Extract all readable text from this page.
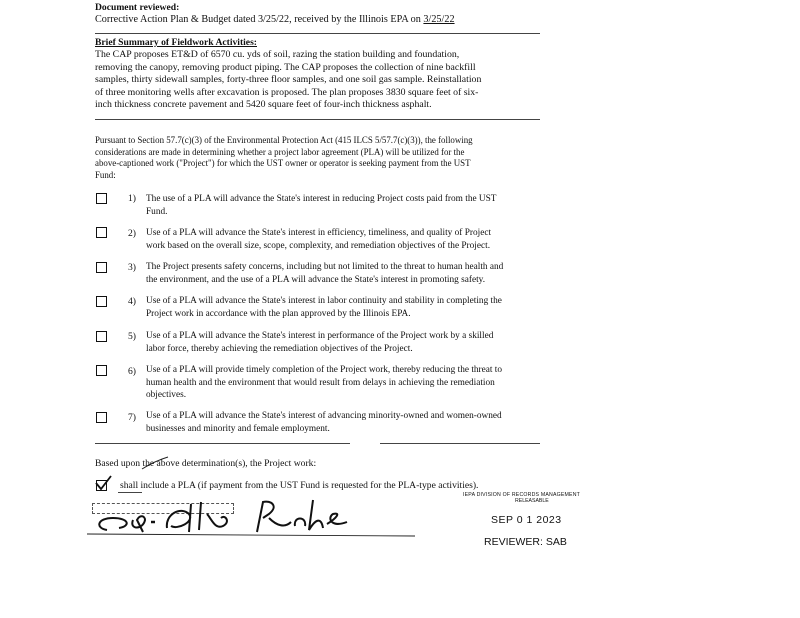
Document reviewed:
Corrective Action Plan & Budget dated 3/25/22, received by the Illinois EPA on 3/25/22
Brief Summary of Fieldwork Activities:
The CAP proposes ET&D of 6570 cu. yds of soil, razing the station building and foundation,
removing the canopy, removing product piping. The CAP proposes the collection of nine backfill
samples, thirty sidewall samples, forty-three floor samples, and one soil gas sample. Reinstallation
of three monitoring wells after excavation is proposed. The plan proposes 3830 square feet of six-
inch thickness concrete pavement and 5420 square feet of four-inch thickness asphalt.
Pursuant to Section 57.7(c)(3) of the Environmental Protection Act (415 ILCS 5/57.7(c)(3)), the following
considerations are made in determining whether a project labor agreement (PLA) will be utilized for the
above-captioned work ("Project") for which the UST owner or operator is seeking payment from the UST
Fund:
1) The use of a PLA will advance the State's interest in reducing Project costs paid from the UST
Fund.
2) Use of a PLA will advance the State's interest in efficiency, timeliness, and quality of Project
work based on the overall size, scope, complexity, and remediation objectives of the Project.
3) The Project presents safety concerns, including but not limited to the threat to human health and
the environment, and the use of a PLA will advance the State's interest in promoting safety.
4) Use of a PLA will advance the State's interest in labor continuity and stability in completing the
Project work in accordance with the plan approved by the Illinois EPA.
5) Use of a PLA will advance the State's interest in performance of the Project work by a skilled
labor force, thereby achieving the remediation objectives of the Project.
6) Use of a PLA will provide timely completion of the Project work, thereby reducing the threat to
human health and the environment that would result from delays in achieving the remediation
objectives.
7) Use of a PLA will advance the State's interest of advancing minority-owned and women-owned
businesses and minority and female employment.
Based upon the above determination(s), the Project work:
shall include a PLA (if payment from the UST Fund is requested for the PLA-type activities).
IEPA DIVISION OF RECORDS MANAGEMENT
RELEASABLE
SEP 0 1 2023
REVIEWER: SAB
